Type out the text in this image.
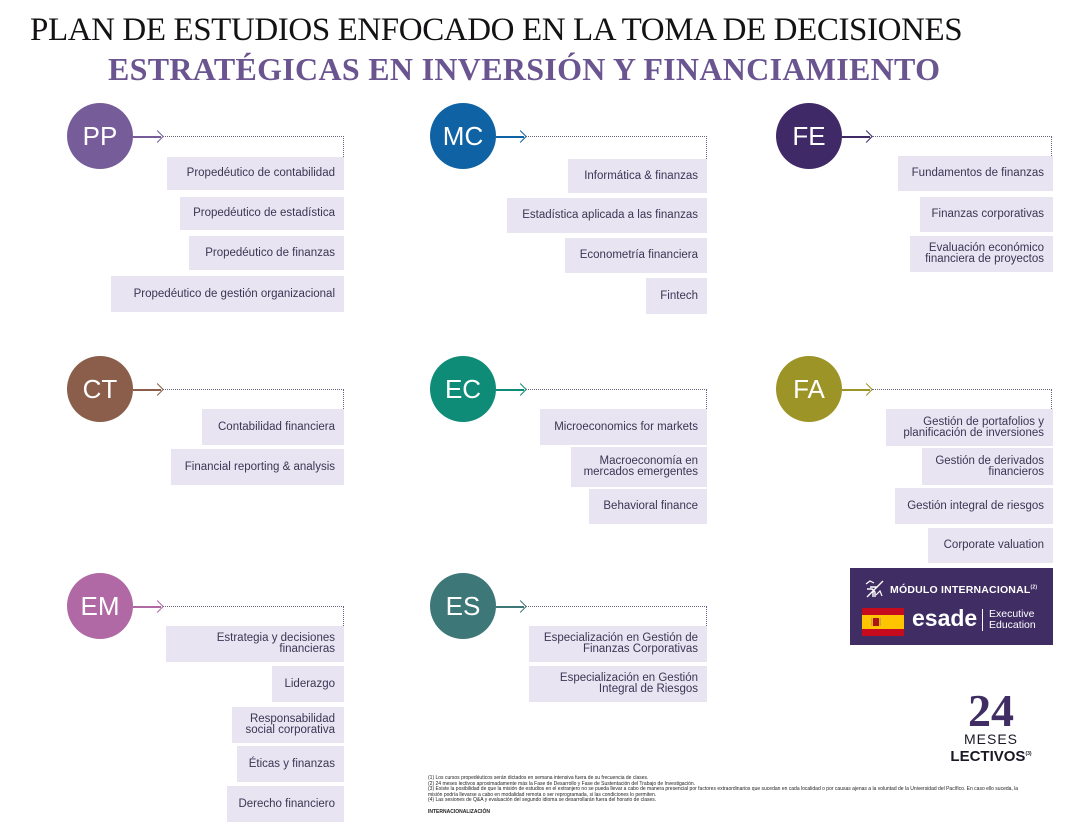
PLAN DE ESTUDIOS ENFOCADO EN LA TOMA DE DECISIONES
ESTRATÉGICAS EN INVERSIÓN Y FINANCIAMIENTO
PP
Propedéutico de contabilidad
Propedéutico de estadística
Propedéutico de finanzas
Propedéutico de gestión organizacional
MC
Informática & finanzas
Estadística aplicada a las finanzas
Econometría financiera
Fintech
FE
Fundamentos de finanzas
Finanzas corporativas
Evaluación económico
financiera de proyectos
CT
Contabilidad financiera
Financial reporting & analysis
EC
Microeconomics for markets
Macroeconomía en
mercados emergentes
Behavioral finance
FA
Gestión de portafolios y
planificación de inversiones
Gestión de derivados
financieros
Gestión integral de riesgos
Corporate valuation
EM
Estrategia y decisiones
financieras
Liderazgo
Responsabilidad
social corporativa
Éticas y finanzas
Derecho financiero
ES
Especialización en Gestión de
Finanzas Corporativas
Especialización en Gestión
Integral de Riesgos
MÓDULO INTERNACIONAL$^{(2)}$
esade Executive
Education
24
MESES
LECTIVOS$^{(3)}$
(1) Los cursos propedéuticos serán dictados en semana intensiva fuera de su frecuencia de clases.
(2) 24 meses lectivos aproximadamente más la Fase de Desarrollo y Fase de Sustentación del Trabajo de Investigación.
(3) Existe la posibilidad de que la misión de estudios en el extranjero no se pueda llevar a cabo de manera presencial por factores extraordinarios que sucedan en cada localidad o por causas ajenas a la voluntad de la Universidad del Pacífico. En caso ello suceda, la
misión podría llevarse a cabo en modalidad remota o ser reprogramada, si las condiciones lo permiten.
(4) Las sesiones de Q&A y evaluación del segundo idioma se desarrollarán fuera del horario de clases.
INTERNACIONALIZACIÓN
